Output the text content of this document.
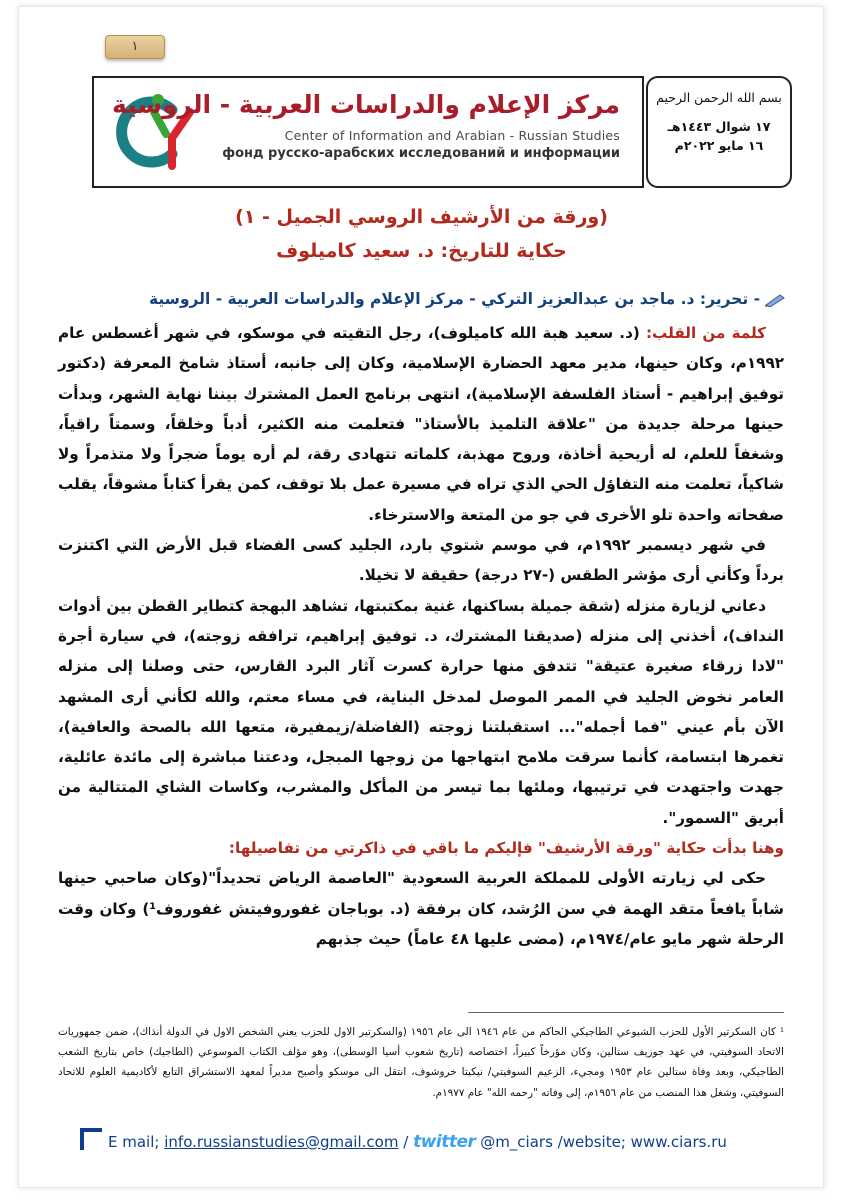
١
مركز الإعلام والدراسات العربية - الروسية
Center of Information and Arabian - Russian Studies
фонд русско-арабских исследований и информации
بسم الله الرحمن الرحيم
١٧ شوال ١٤٤٣هـ
١٦ مايو ٢٠٢٢م
(ورقة من الأرشيف الروسي الجميل - ١)
حكاية للتاريخ: د. سعيد كاميلوف
- تحرير: د. ماجد بن عبدالعزيز التركي - مركز الإعلام والدراسات العربية - الروسية

كلمة من القلب: (د. سعيد هبة الله كاميلوف)، رجل التقيته في موسكو، في شهر أغسطس عام ١٩٩٢م، وكان حينها، مدير معهد الحضارة الإسلامية، وكان إلى جانبه، أستاذ شامخ المعرفة (دكتور توفيق إبراهيم - أستاذ الفلسفة الإسلامية)، انتهى برنامج العمل المشترك بيننا نهاية الشهر، وبدأت حينها مرحلة جديدة من "علاقة التلميذ بالأستاذ" فتعلمت منه الكثير، أدباً وخلقاً، وسمتاً راقياً، وشغفاً للعلم، له أريحية أخاذة، وروح مهذبة، كلماته تتهادى رقة، لم أره يوماً ضجراً ولا متذمراً ولا شاكياً، تعلمت منه التفاؤل الحي الذي تراه في مسيرة عمل بلا توقف، كمن يقرأ كتاباً مشوقاً، يقلب صفحاته واحدة تلو الأخرى في جو من المتعة والاسترخاء.

في شهر ديسمبر ١٩٩٢م، في موسم شتوي بارد، الجليد كسى الفضاء قبل الأرض التي اكتنزت برداً وكأني أرى مؤشر الطقس (-٢٧ درجة) حقيقة لا تخيلا.

دعاني لزيارة منزله (شقة جميلة بساكنها، غنية بمكتبتها، تشاهد البهجة كتطاير القطن بين أدوات النداف)، أخذني إلى منزله (صديقنا المشترك، د. توفيق إبراهيم، ترافقه زوجته)، في سيارة أجرة "لادا زرقاء صغيرة عتيقة" تتدفق منها حرارة كسرت آثار البرد القارس، حتى وصلنا إلى منزله العامر نخوض الجليد في الممر الموصل لمدخل البناية، في مساء معتم، والله لكأني أرى المشهد الآن بأم عيني "فما أجمله"... استقبلتنا زوجته (الفاضلة/زيمفيرة، متعها الله بالصحة والعافية)، تغمرها ابتسامة، كأنما سرقت ملامح ابتهاجها من زوجها المبجل، ودعتنا مباشرة إلى مائدة عائلية، جهدت واجتهدت في ترتيبها، وملئها بما تيسر من المأكل والمشرب، وكاسات الشاي المتتالية من أبريق "السمور".

وهنا بدأت حكاية "ورقة الأرشيف" فإليكم ما باقي في ذاكرتي من تفاصيلها:

حكى لي زيارته الأولى للمملكة العربية السعودية "العاصمة الرياض تحديداً"(وكان صاحبي حينها شاباً يافعاً متقد الهمة في سن الرُشد، كان برفقة (د. بوباجان غفوروفيتش غفوروف¹) وكان وقت الرحلة شهر مايو عام/١٩٧٤م، (مضى عليها ٤٨ عاماً) حيث جذبهم

¹ كان السكرتير الأول للحزب الشيوعي الطاجيكي الحاكم من عام ١٩٤٦ الى عام ١٩٥٦ (والسكرتير الاول للحزب يعني الشخص الاول في الدولة أنذاك)، ضمن جمهوريات الاتحاد السوفيتي، في عهد جوزيف ستالين، وكان مؤرخاً كبيراً، اختصاصه (تاريخ شعوب أسيا الوسطى)، وهو مؤلف الكتاب الموسوعي (الطاجيك) خاص بتاريخ الشعب الطاجيكي، وبعد وفاة ستالين عام ١٩٥٣ ومجيء، الزعيم السوفيتي/ نيكيتا خروشوف، انتقل الى موسكو وأصبح مديراً لمعهد الاستشراق التابع لأكاديمية العلوم للاتحاد السوفيتي، وشغل هذا المنصب من عام ١٩٥٦م، إلى وفاته "رحمه الله" عام ١٩٧٧م.
E mail; info.russianstudies@gmail.com / twitter @m_ciars /website; www.ciars.ru
